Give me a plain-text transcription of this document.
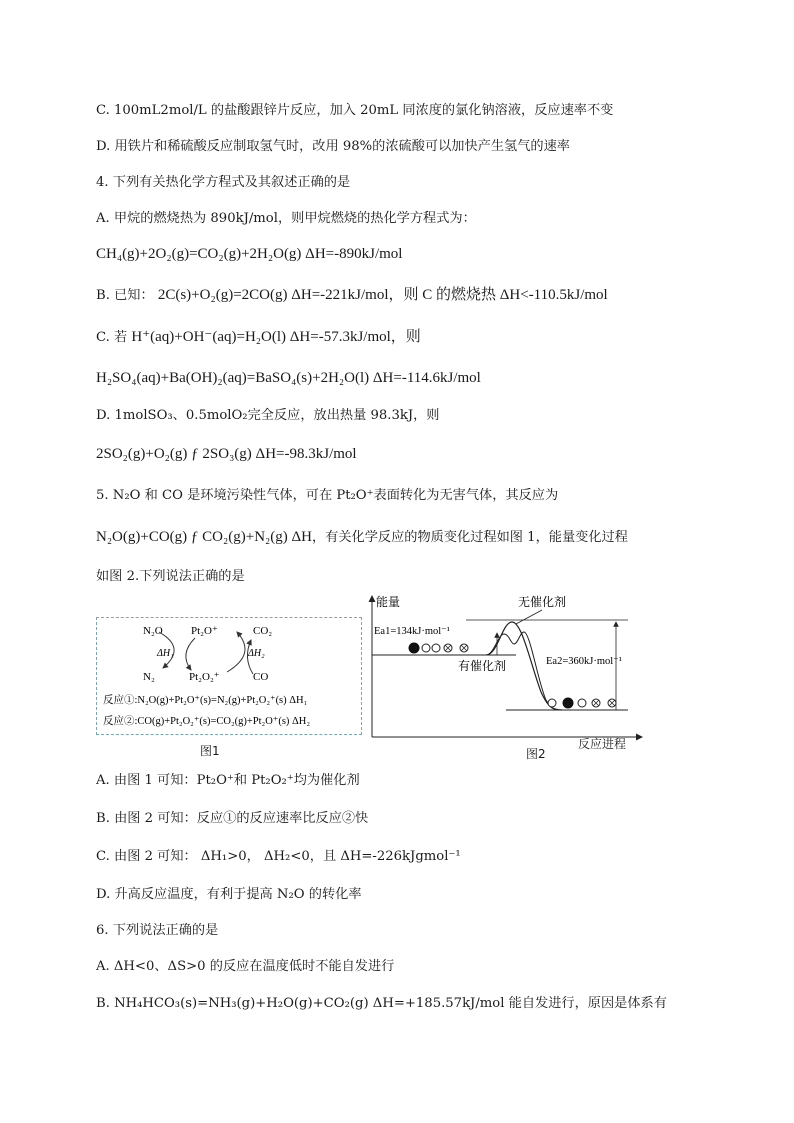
C. 100mL2mol/L 的盐酸跟锌片反应，加入 20mL 同浓度的氯化钠溶液，反应速率不变
D. 用铁片和稀硫酸反应制取氢气时，改用 98%的浓硫酸可以加快产生氢气的速率
4. 下列有关热化学方程式及其叙述正确的是
A. 甲烷的燃烧热为 890kJ/mol，则甲烷燃烧的热化学方程式为：
CH₄(g)+2O₂(g)=CO₂(g)+2H₂O(g) ΔH=-890kJ/mol
B. 已知： 2C(s)+O₂(g)=2CO(g) ΔH=-221kJ/mol，则 C 的燃烧热 ΔH<-110.5kJ/mol
C. 若 H⁺(aq)+OH⁻(aq)=H₂O(l) ΔH=-57.3kJ/mol，则
H₂SO₄(aq)+Ba(OH)₂(aq)=BaSO₄(s)+2H₂O(l) ΔH=-114.6kJ/mol
D. 1molSO₃、0.5molO₂完全反应，放出热量 98.3kJ，则
2SO₂(g)+O₂(g) ƒ 2SO₃(g) ΔH=-98.3kJ/mol
5. N₂O 和 CO 是环境污染性气体，可在 Pt₂O⁺表面转化为无害气体，其反应为
N₂O(g)+CO(g) ƒ CO₂(g)+N₂(g) ΔH，有关化学反应的物质变化过程如图 1，能量变化过程
如图 2.下列说法正确的是
N₂O	Pt₂O⁺	CO₂
ΔH₁	ΔH₂
N₂	Pt₂O₂⁺	CO
反应①:N₂O(g)+Pt₂O⁺(s)=N₂(g)+Pt₂O₂⁺(s) ΔH₁
反应②:CO(g)+Pt₂O₂⁺(s)=CO₂(g)+Pt₂O⁺(s) ΔH₂
图1
能量	无催化剂
Ea1=134kJ·mol⁻¹
Ea2=360kJ·mol⁻¹
有催化剂
反应进程
图2
A. 由图 1 可知：Pt₂O⁺和 Pt₂O₂⁺均为催化剂
B. 由图 2 可知：反应①的反应速率比反应②快
C. 由图 2 可知： ΔH₁>0， ΔH₂<0，且 ΔH=-226kJgmol⁻¹
D. 升高反应温度，有利于提高 N₂O 的转化率
6. 下列说法正确的是
A. ΔH<0、ΔS>0 的反应在温度低时不能自发进行
B. NH₄HCO₃(s)=NH₃(g)+H₂O(g)+CO₂(g) ΔH=+185.57kJ/mol 能自发进行，原因是体系有
